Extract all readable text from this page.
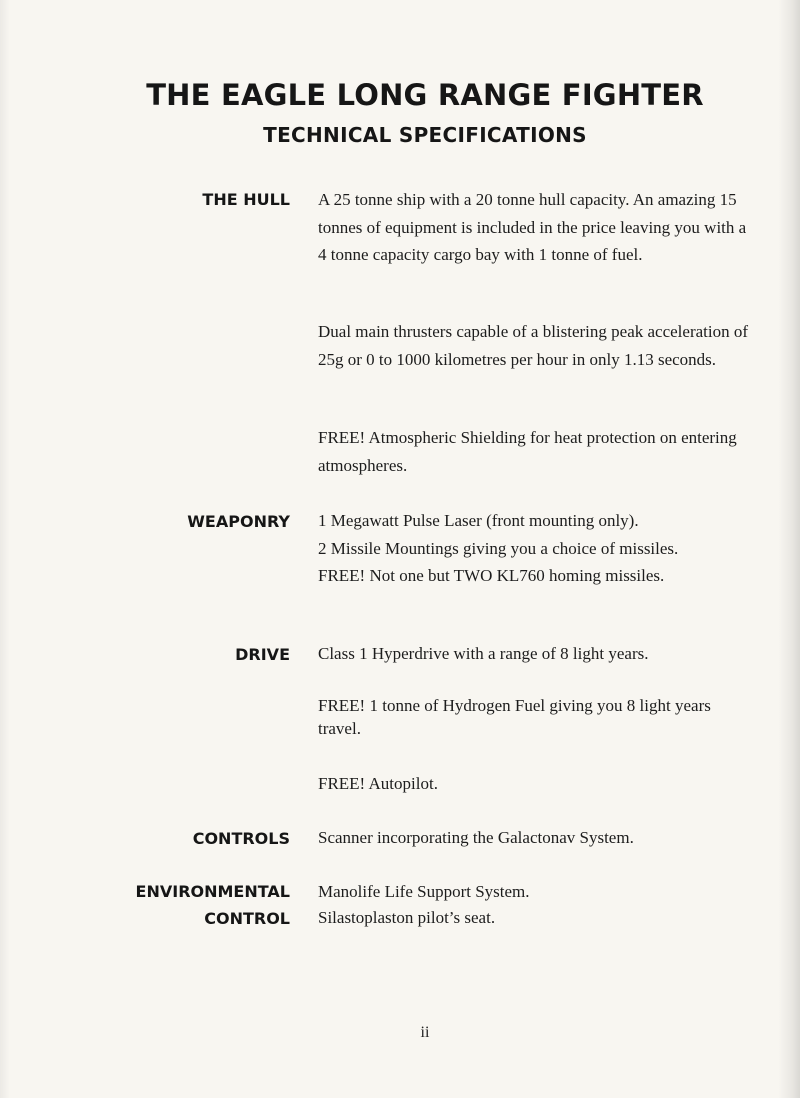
THE EAGLE LONG RANGE FIGHTER
TECHNICAL SPECIFICATIONS
THE HULL A 25 tonne ship with a 20 tonne hull capacity. An amazing 15 tonnes of equipment is included in the price leaving you with a 4 tonne capacity cargo bay with 1 tonne of fuel.
Dual main thrusters capable of a blistering peak acceleration of 25g or 0 to 1000 kilometres per hour in only 1.13 seconds.
FREE! Atmospheric Shielding for heat protection on entering atmospheres.
WEAPONRY 1 Megawatt Pulse Laser (front mounting only).
2 Missile Mountings giving you a choice of missiles.
FREE! Not one but TWO KL760 homing missiles.
DRIVE Class 1 Hyperdrive with a range of 8 light years.
FREE! 1 tonne of Hydrogen Fuel giving you 8 light years travel.
FREE! Autopilot.
CONTROLS Scanner incorporating the Galactonav System.
ENVIRONMENTAL
CONTROL
Manolife Life Support System.
Silastoplaston pilot’s seat.
ii
